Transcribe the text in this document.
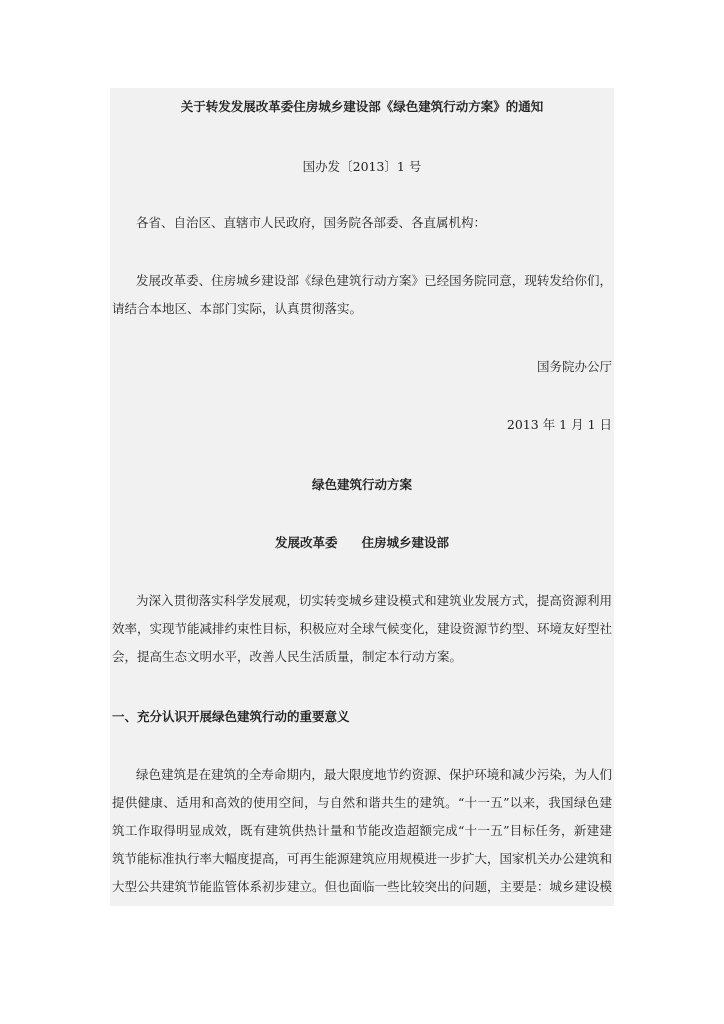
关于转发发展改革委住房城乡建设部《绿色建筑行动方案》的通知
国办发〔2013〕1 号
各省、自治区、直辖市人民政府，国务院各部委、各直属机构：
发展改革委、住房城乡建设部《绿色建筑行动方案》已经国务院同意，现转发给你们，
请结合本地区、本部门实际，认真贯彻落实。
国务院办公厅
2013 年 1 月 1 日
绿色建筑行动方案
发展改革委 住房城乡建设部
为深入贯彻落实科学发展观，切实转变城乡建设模式和建筑业发展方式，提高资源利用
效率，实现节能减排约束性目标，积极应对全球气候变化，建设资源节约型、环境友好型社
会，提高生态文明水平，改善人民生活质量，制定本行动方案。
一、充分认识开展绿色建筑行动的重要意义
绿色建筑是在建筑的全寿命期内，最大限度地节约资源、保护环境和减少污染，为人们
提供健康、适用和高效的使用空间，与自然和谐共生的建筑。“十一五”以来，我国绿色建
筑工作取得明显成效，既有建筑供热计量和节能改造超额完成“十一五”目标任务，新建建
筑节能标准执行率大幅度提高，可再生能源建筑应用规模进一步扩大，国家机关办公建筑和
大型公共建筑节能监管体系初步建立。但也面临一些比较突出的问题，主要是：城乡建设模
